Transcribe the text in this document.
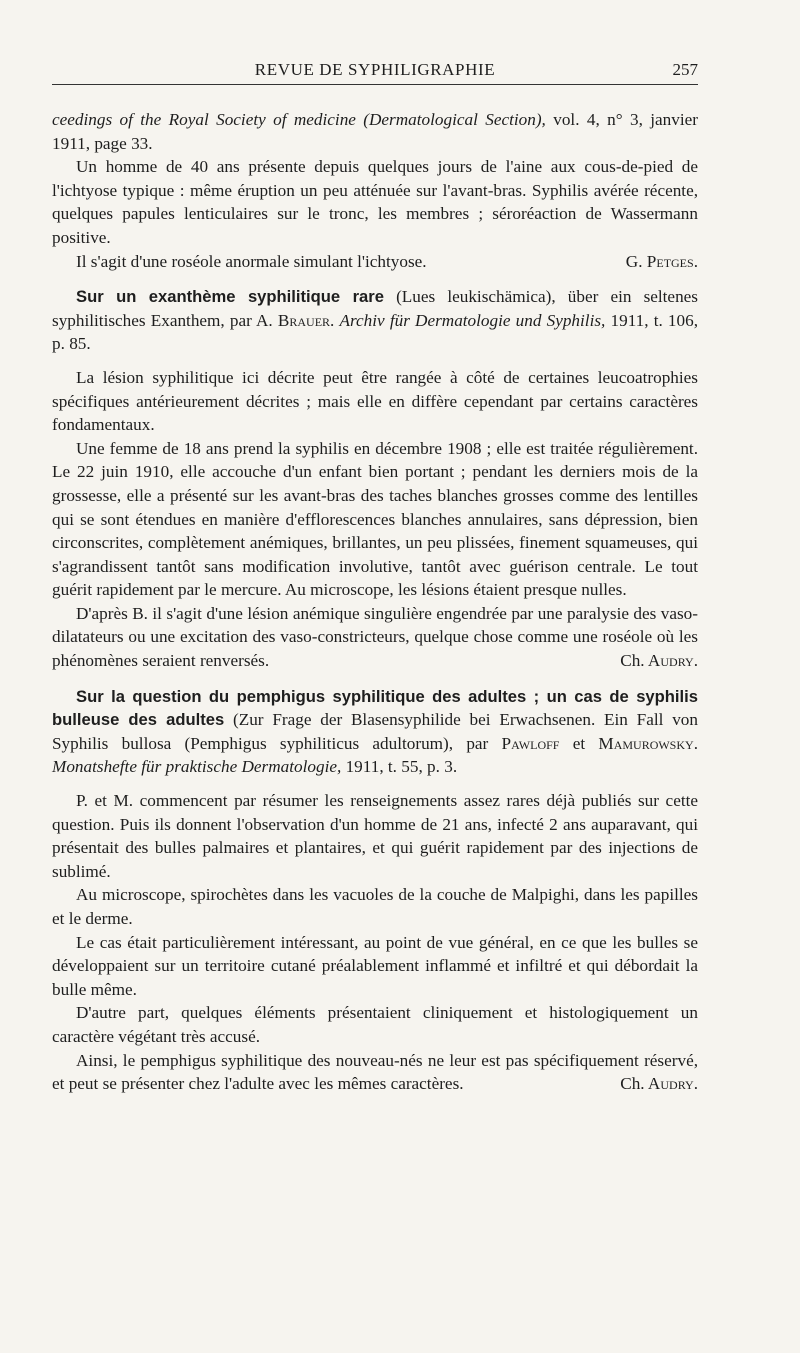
REVUE DE SYPHILIGRAPHIE	257

ceedings of the Royal Society of medicine (Dermatological Section), vol. 4, n° 3, janvier 1911, page 33.

Un homme de 40 ans présente depuis quelques jours de l'aine aux cous-de-pied de l'ichtyose typique : même éruption un peu atténuée sur l'avant-bras. Syphilis avérée récente, quelques papules lenticulaires sur le tronc, les membres ; séroréaction de Wassermann positive.

Il s'agit d'une roséole anormale simulant l'ichtyose.	G. Petges.

Sur un exanthème syphilitique rare (Lues leukischämica), über ein seltenes syphilitisches Exanthem, par A. Brauer. Archiv für Dermatologie und Syphilis, 1911, t. 106, p. 85.

La lésion syphilitique ici décrite peut être rangée à côté de certaines leucoatrophies spécifiques antérieurement décrites ; mais elle en diffère cependant par certains caractères fondamentaux.

Une femme de 18 ans prend la syphilis en décembre 1908 ; elle est traitée régulièrement. Le 22 juin 1910, elle accouche d'un enfant bien portant ; pendant les derniers mois de la grossesse, elle a présenté sur les avant-bras des taches blanches grosses comme des lentilles qui se sont étendues en manière d'efflorescences blanches annulaires, sans dépression, bien circonscrites, complètement anémiques, brillantes, un peu plissées, finement squameuses, qui s'agrandissent tantôt sans modification involutive, tantôt avec guérison centrale. Le tout guérit rapidement par le mercure. Au microscope, les lésions étaient presque nulles.

D'après B. il s'agit d'une lésion anémique singulière engendrée par une paralysie des vaso-dilatateurs ou une excitation des vaso-constricteurs, quelque chose comme une roséole où les phénomènes seraient renversés.	Ch. Audry.

Sur la question du pemphigus syphilitique des adultes ; un cas de syphilis bulleuse des adultes (Zur Frage der Blasensyphilide bei Erwachsenen. Ein Fall von Syphilis bullosa (Pemphigus syphiliticus adultorum), par Pawloff et Mamurowsky. Monatshefte für praktische Dermatologie, 1911, t. 55, p. 3.

P. et M. commencent par résumer les renseignements assez rares déjà publiés sur cette question. Puis ils donnent l'observation d'un homme de 21 ans, infecté 2 ans auparavant, qui présentait des bulles palmaires et plantaires, et qui guérit rapidement par des injections de sublimé.

Au microscope, spirochètes dans les vacuoles de la couche de Malpighi, dans les papilles et le derme.

Le cas était particulièrement intéressant, au point de vue général, en ce que les bulles se développaient sur un territoire cutané préalablement inflammé et infiltré et qui débordait la bulle même.

D'autre part, quelques éléments présentaient cliniquement et histologiquement un caractère végétant très accusé.

Ainsi, le pemphigus syphilitique des nouveau-nés ne leur est pas spécifiquement réservé, et peut se présenter chez l'adulte avec les mêmes caractères.	Ch. Audry.
